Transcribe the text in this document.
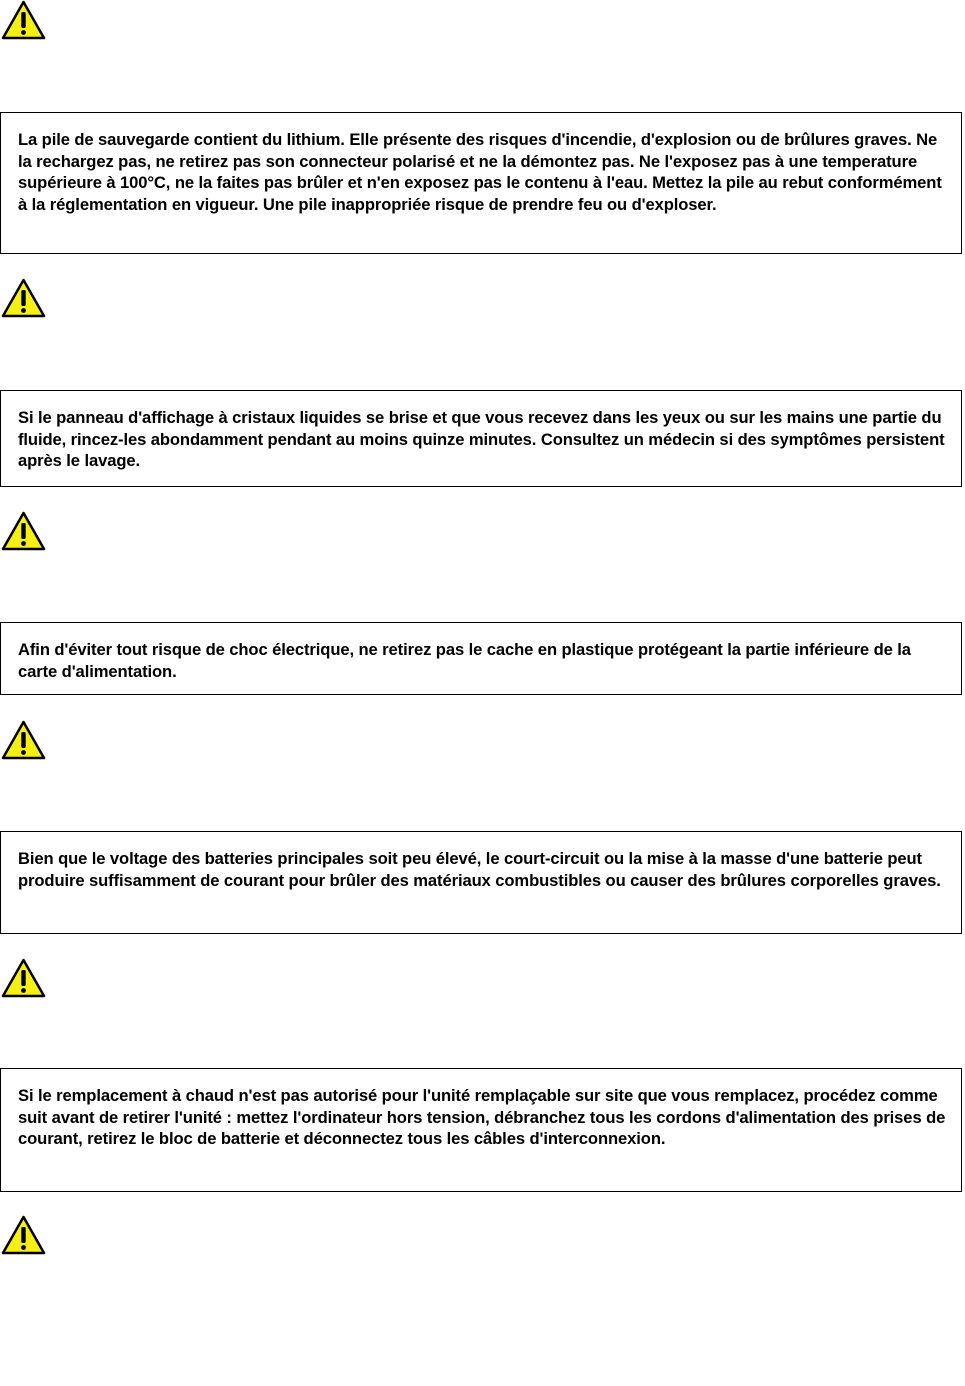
La pile de sauvegarde contient du lithium. Elle présente des risques d'incendie, d'explosion ou de brûlures graves. Ne la rechargez pas, ne retirez pas son connecteur polarisé et ne la démontez pas. Ne l'exposez pas à une temperature supérieure à 100°C, ne la faites pas brûler et n'en exposez pas le contenu à l'eau. Mettez la pile au rebut conformément à la réglementation en vigueur. Une pile inappropriée risque de prendre feu ou d'exploser.

Si le panneau d'affichage à cristaux liquides se brise et que vous recevez dans les yeux ou sur les mains une partie du fluide, rincez-les abondamment pendant au moins quinze minutes. Consultez un médecin si des symptômes persistent après le lavage.

Afin d'éviter tout risque de choc électrique, ne retirez pas le cache en plastique protégeant la partie inférieure de la carte d'alimentation.

Bien que le voltage des batteries principales soit peu élevé, le court-circuit ou la mise à la masse d'une batterie peut produire suffisamment de courant pour brûler des matériaux combustibles ou causer des brûlures corporelles graves.

Si le remplacement à chaud n'est pas autorisé pour l'unité remplaçable sur site que vous remplacez, procédez comme suit avant de retirer l'unité : mettez l'ordinateur hors tension, débranchez tous les cordons d'alimentation des prises de courant, retirez le bloc de batterie et déconnectez tous les câbles d'interconnexion.
